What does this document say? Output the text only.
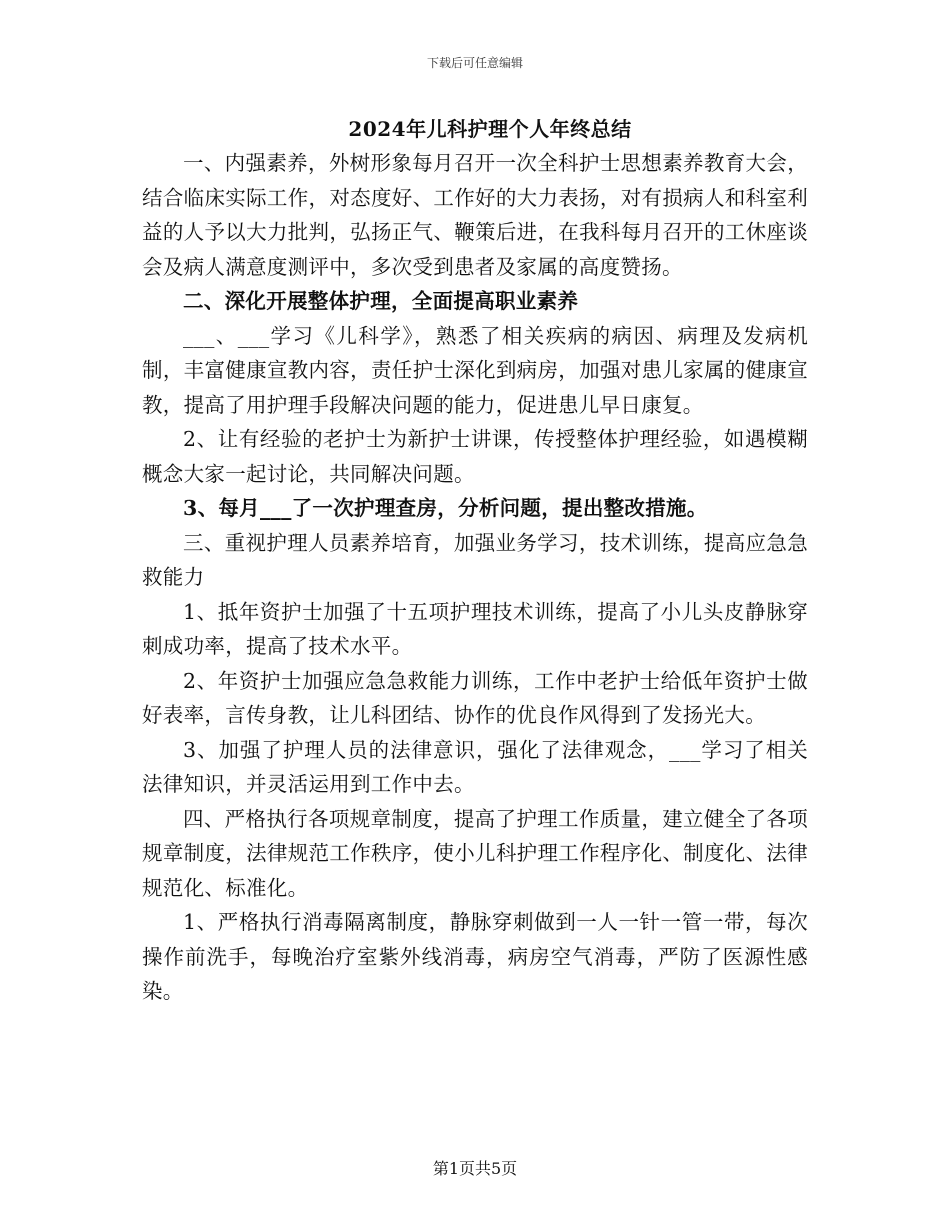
下载后可任意编辑
2024年儿科护理个人年终总结

一、内强素养，外树形象每月召开一次全科护士思想素养教育大会，结合临床实际工作，对态度好、工作好的大力表扬，对有损病人和科室利益的人予以大力批判，弘扬正气、鞭策后进，在我科每月召开的工休座谈会及病人满意度测评中，多次受到患者及家属的高度赞扬。

二、深化开展整体护理，全面提高职业素养

___、___学习《儿科学》，熟悉了相关疾病的病因、病理及发病机制，丰富健康宣教内容，责任护士深化到病房，加强对患儿家属的健康宣教，提高了用护理手段解决问题的能力，促进患儿早日康复。

2、让有经验的老护士为新护士讲课，传授整体护理经验，如遇模糊概念大家一起讨论，共同解决问题。

3、每月___了一次护理查房，分析问题，提出整改措施。

三、重视护理人员素养培育，加强业务学习，技术训练，提高应急急救能力

1、抵年资护士加强了十五项护理技术训练，提高了小儿头皮静脉穿刺成功率，提高了技术水平。

2、年资护士加强应急急救能力训练，工作中老护士给低年资护士做好表率，言传身教，让儿科团结、协作的优良作风得到了发扬光大。

3、加强了护理人员的法律意识，强化了法律观念，___学习了相关法律知识，并灵活运用到工作中去。

四、严格执行各项规章制度，提高了护理工作质量，建立健全了各项规章制度，法律规范工作秩序，使小儿科护理工作程序化、制度化、法律规范化、标准化。

1、严格执行消毒隔离制度，静脉穿刺做到一人一针一管一带，每次操作前洗手，每晚治疗室紫外线消毒，病房空气消毒，严防了医源性感染。

第1页共5页
